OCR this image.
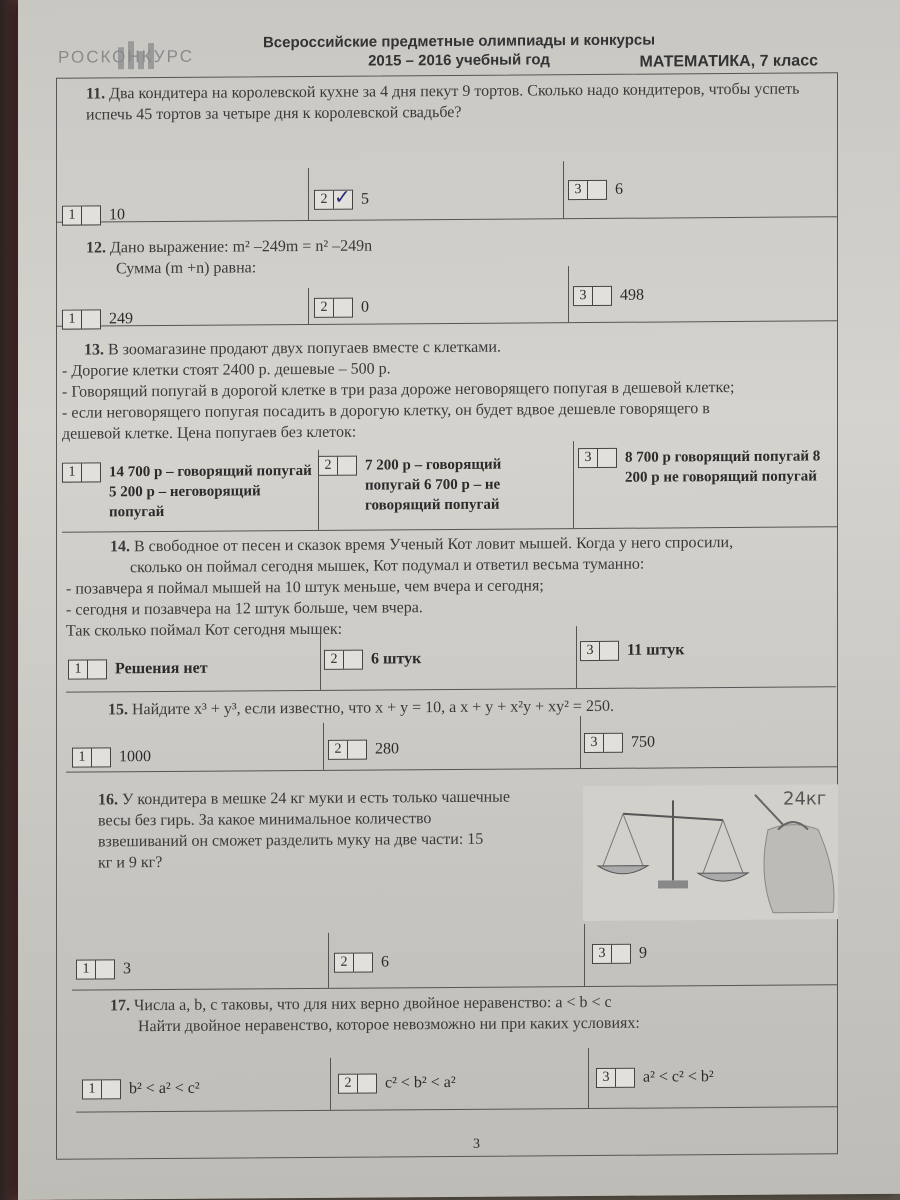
Всероссийские предметные олимпиады и конкурсы
2015 – 2016 учебный год
РОСКОНКУРС	МАТЕМАТИКА, 7 класс
11. Два кондитера на королевской кухне за 4 дня пекут 9 тортов. Сколько надо кондитеров, чтобы успеть испечь 45 тортов за четыре дня к королевской свадьбе?
1	10
2 ✓ 5
3	6
12. Дано выражение: m² –249m = n² –249n
Сумма (m +n) равна:
1	249
2	0
3	498
13. В зоомагазине продают двух попугаев вместе с клетками.
- Дорогие клетки стоят 2400 р. дешевые – 500 р.
- Говорящий попугай в дорогой клетке в три раза дороже неговорящего попугая в дешевой клетке;
- если неговорящего попугая посадить в дорогую клетку, он будет вдвое дешевле говорящего в
дешевой клетке. Цена попугаев без клеток:
1	14 700 р – говорящий попугай 5 200 р – неговорящий попугай
2	7 200 р – говорящий попугай 6 700 р – не говорящий попугай
3	8 700 р говорящий попугай 8 200 р не говорящий попугай
14. В свободное от песен и сказок время Ученый Кот ловит мышей. Когда у него спросили,
сколько он поймал сегодня мышек, Кот подумал и ответил весьма туманно:
- позавчера я поймал мышей на 10 штук меньше, чем вчера и сегодня;
- сегодня и позавчера на 12 штук больше, чем вчера.
Так сколько поймал Кот сегодня мышек:
1	Решения нет
2	6 штук	3	11 штук
15. Найдите x³ + y³, если известно, что x + y = 10, а x + y + x²y + xy² = 250.
1	1000	2	280	3	750
16. У кондитера в мешке 24 кг муки и есть только чашечные
весы без гирь. За какое минимальное количество
взвешиваний он сможет разделить муку на две части: 15
кг и 9 кг?
24кг
1	3	2	6	3	9
17. Числа a, b, c таковы, что для них верно двойное неравенство: a < b < c
Найти двойное неравенство, которое невозможно ни при каких условиях:
1	b² < a² < c²	2	c² < b² < a²	3	a² < c² < b²
3
